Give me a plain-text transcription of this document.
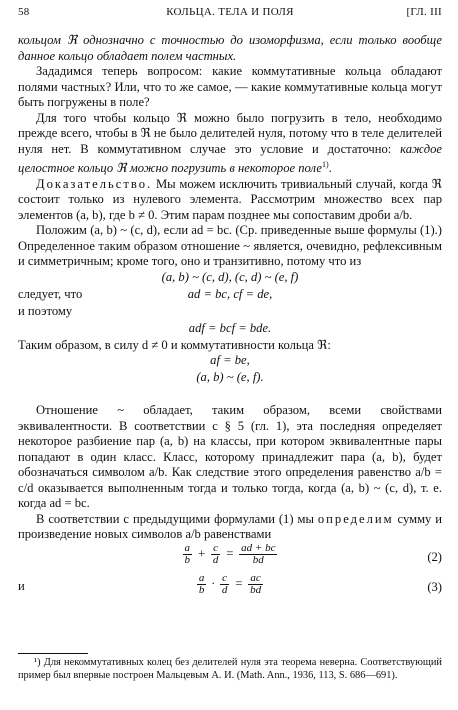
58	КОЛЬЦА. ТЕЛА И ПОЛЯ	[ГЛ. III

кольцом ℜ однозначно с точностью до изоморфизма, если только вообще данное кольцо обладает полем частных.

Зададимся теперь вопросом: какие коммутативные кольца обладают полями частных? Или, что то же самое, — какие коммутативные кольца могут быть погружены в поле?

Для того чтобы кольцо ℜ можно было погрузить в тело, необходимо прежде всего, чтобы в ℜ не было делителей нуля, потому что в теле делителей нуля нет. В коммутативном случае это условие и достаточно: каждое целостное кольцо ℜ можно погрузить в некоторое поле$^{1)}$.

Доказательство. Мы можем исключить тривиальный случай, когда ℜ состоит только из нулевого элемента. Рассмотрим множество всех пар элементов (a, b), где b ≠ 0. Этим парам позднее мы сопоставим дроби a/b.

Положим (a, b) ~ (c, d), если ad = bc. (Ср. приведенные выше формулы (1).) Определенное таким образом отношение ~ является, очевидно, рефлексивным и симметричным; кроме того, оно и транзитивно, потому что из

(a, b) ~ (c, d), (c, d) ~ (e, f)
следует, что	ad = bc, cf = de,
и поэтому
adf = bcf = bde.

Таким образом, в силу d ≠ 0 и коммутативности кольца ℜ:

af = be,
(a, b) ~ (e, f).

Отношение ~ обладает, таким образом, всеми свойствами эквивалентности. В соответствии с § 5 (гл. 1), эта последняя определяет некоторое разбиение пар (a, b) на классы, при котором эквивалентные пары попадают в один класс. Класс, которому принадлежит пара (a, b), будет обозначаться символом a/b. Как следствие этого определения равенство a/b = c/d оказывается выполненным тогда и только тогда, когда (a, b) ~ (c, d), т. е. когда ad = bc.

В соответствии с предыдущими формулами (1) мы определим сумму и произведение новых символов a/b равенствами

$\frac{a}{b} + \frac{c}{d} = \frac{ad + bc}{bd}$	(2)
и	$\frac{a}{b} \cdot \frac{c}{d} = \frac{ac}{bd}$	(3)
¹) Для некоммутативных колец без делителей нуля эта теорема неверна. Соответствующий пример был впервые построен Мальцевым А. И. (Math. Ann., 1936, 113, S. 686—691).
